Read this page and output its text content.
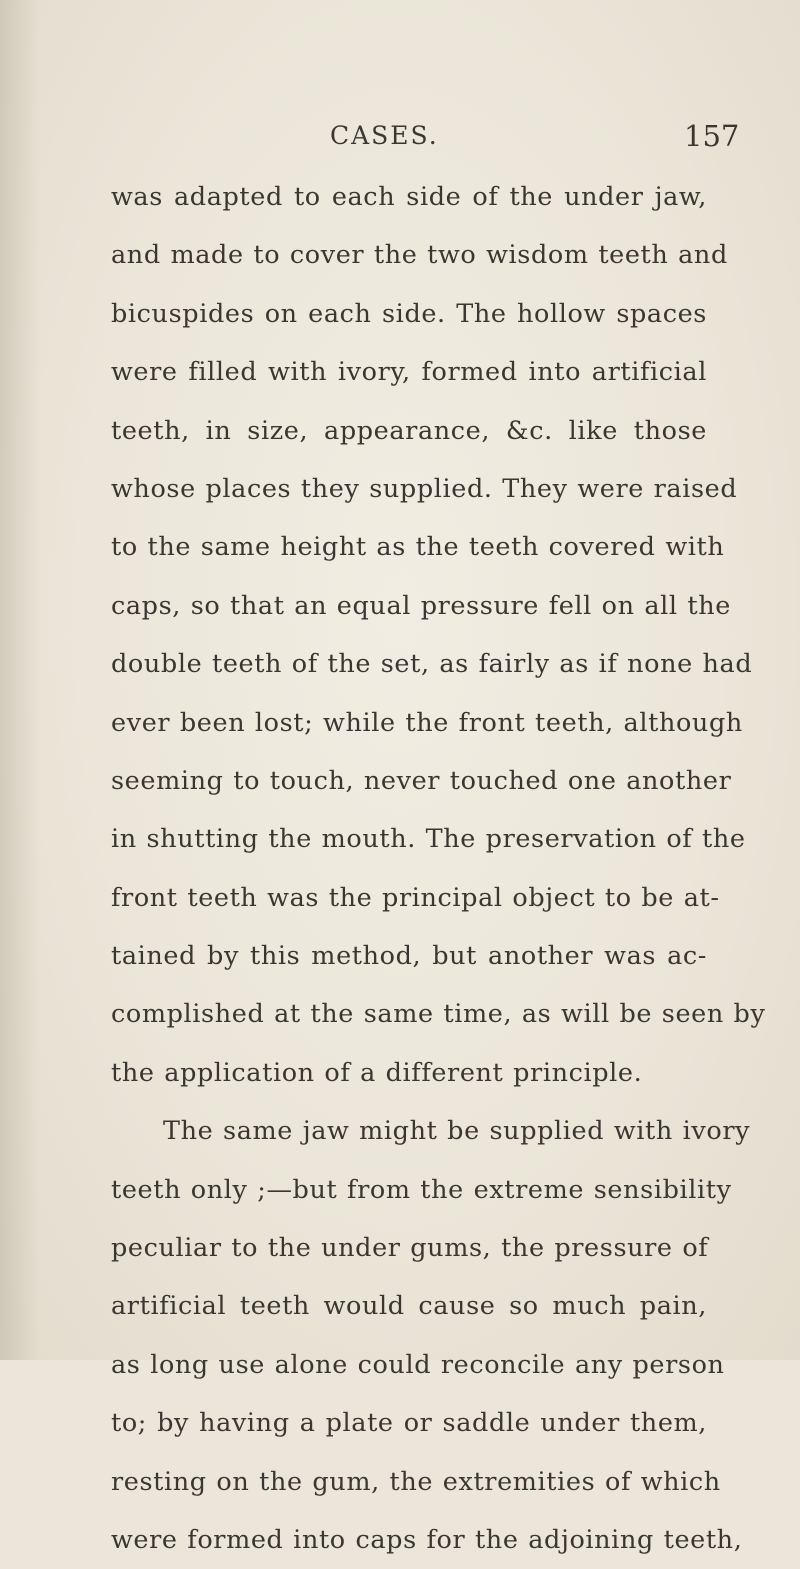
CASES.	157
was adapted to each side of the under jaw,
and made to cover the two wisdom teeth and
bicuspides on each side. The hollow spaces
were filled with ivory, formed into artificial
teeth, in size, appearance, &c. like those
whose places they supplied. They were raised
to the same height as the teeth covered with
caps, so that an equal pressure fell on all the
double teeth of the set, as fairly as if none had
ever been lost; while the front teeth, although
seeming to touch, never touched one another
in shutting the mouth. The preservation of the
front teeth was the principal object to be at-
tained by this method, but another was ac-
complished at the same time, as will be seen by
the application of a different principle.
The same jaw might be supplied with ivory
teeth only ;—but from the extreme sensibility
peculiar to the under gums, the pressure of
artificial teeth would cause so much pain,
as long use alone could reconcile any person
to; by having a plate or saddle under them,
resting on the gum, the extremities of which
were formed into caps for the adjoining teeth,
